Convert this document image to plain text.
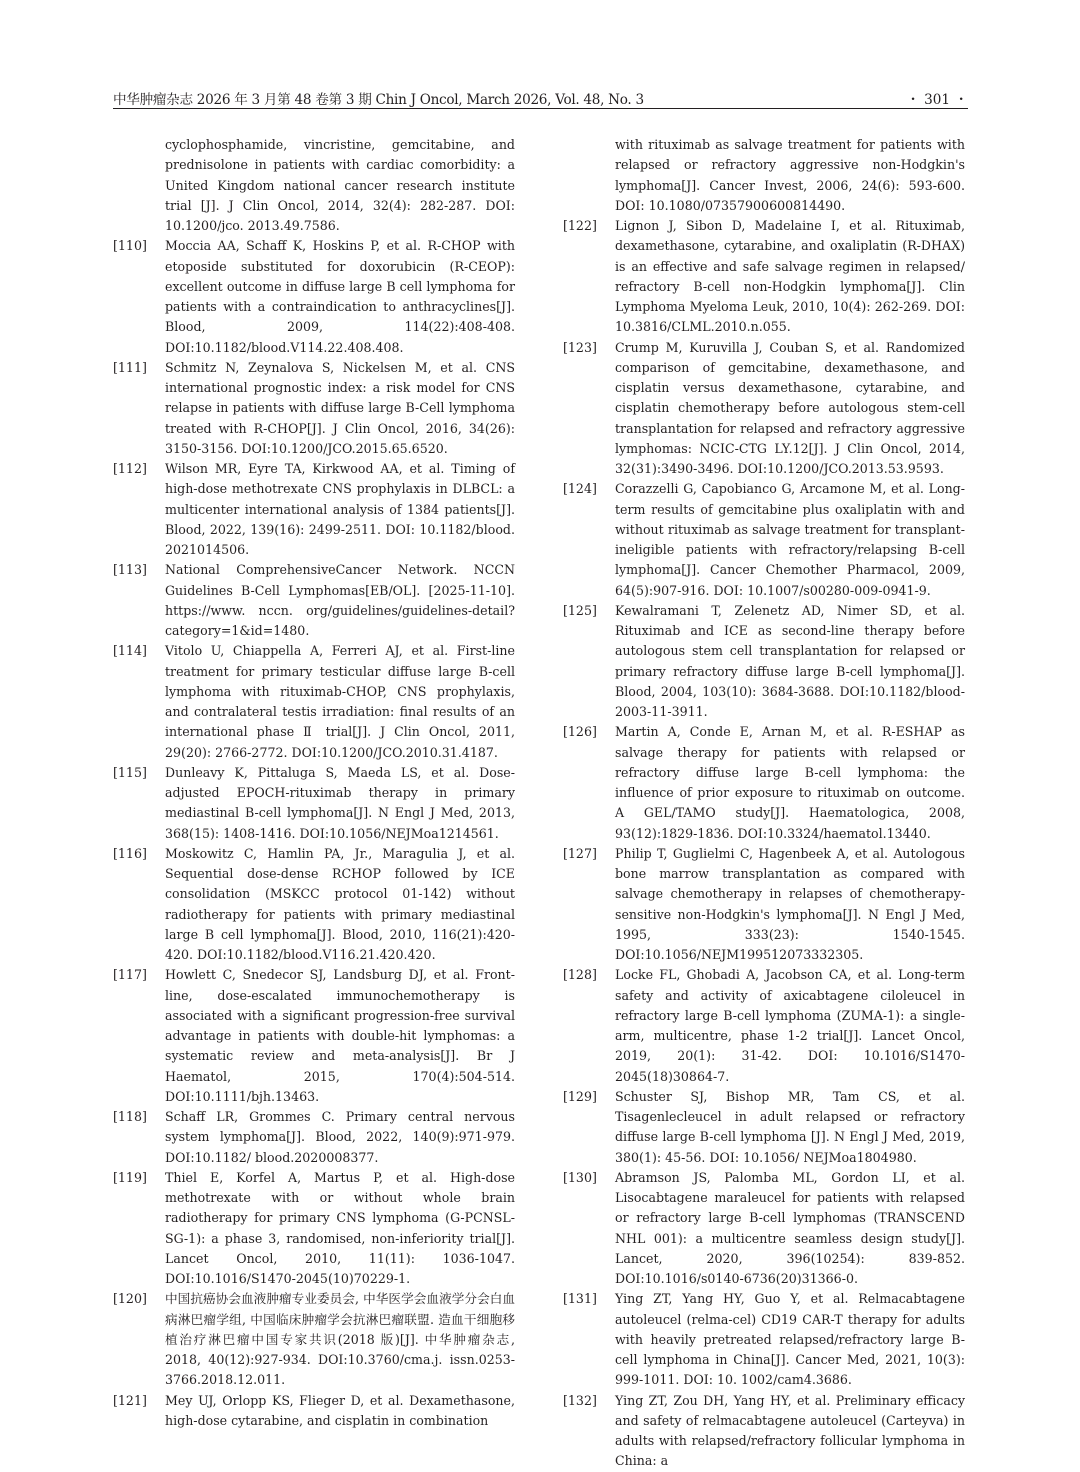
中华肿瘤杂志 2026 年 3 月第 48 卷第 3 期 Chin J Oncol, March 2026, Vol. 48, No. 3	・ 301 ・
cyclophosphamide, vincristine, gemcitabine, and prednisolone in patients with cardiac comorbidity: a United Kingdom national cancer research institute trial [J]. J Clin Oncol, 2014, 32(4): 282-287. DOI: 10.1200/jco. 2013.49.7586.
[110] Moccia AA, Schaff K, Hoskins P, et al. R-CHOP with etoposide substituted for doxorubicin (R-CEOP): excellent outcome in diffuse large B cell lymphoma for patients with a contraindication to anthracyclines[J]. Blood, 2009, 114(22):408-408. DOI:10.1182/blood.V114.22.408.408.
[111] Schmitz N, Zeynalova S, Nickelsen M, et al. CNS international prognostic index: a risk model for CNS relapse in patients with diffuse large B-Cell lymphoma treated with R-CHOP[J]. J Clin Oncol, 2016, 34(26): 3150-3156. DOI:10.1200/JCO.2015.65.6520.
[112] Wilson MR, Eyre TA, Kirkwood AA, et al. Timing of high-dose methotrexate CNS prophylaxis in DLBCL: a multicenter international analysis of 1384 patients[J]. Blood, 2022, 139(16): 2499-2511. DOI: 10.1182/blood. 2021014506.
[113] National ComprehensiveCancer Network. NCCN Guidelines B-Cell Lymphomas[EB/OL]. [2025-11-10]. https://www. nccn. org/guidelines/guidelines-detail? category=1&id=1480.
[114] Vitolo U, Chiappella A, Ferreri AJ, et al. First-line treatment for primary testicular diffuse large B-cell lymphoma with rituximab-CHOP, CNS prophylaxis, and contralateral testis irradiation: final results of an international phase Ⅱ trial[J]. J Clin Oncol, 2011, 29(20): 2766-2772. DOI:10.1200/JCO.2010.31.4187.
[115] Dunleavy K, Pittaluga S, Maeda LS, et al. Dose-adjusted EPOCH-rituximab therapy in primary mediastinal B-cell lymphoma[J]. N Engl J Med, 2013, 368(15): 1408-1416. DOI:10.1056/NEJMoa1214561.
[116] Moskowitz C, Hamlin PA, Jr., Maragulia J, et al. Sequential dose-dense RCHOP followed by ICE consolidation (MSKCC protocol 01-142) without radiotherapy for patients with primary mediastinal large B cell lymphoma[J]. Blood, 2010, 116(21):420-420. DOI:10.1182/blood.V116.21.420.420.
[117] Howlett C, Snedecor SJ, Landsburg DJ, et al. Front-line, dose-escalated immunochemotherapy is associated with a significant progression-free survival advantage in patients with double-hit lymphomas: a systematic review and meta-analysis[J]. Br J Haematol, 2015, 170(4):504-514. DOI:10.1111/bjh.13463.
[118] Schaff LR, Grommes C. Primary central nervous system lymphoma[J]. Blood, 2022, 140(9):971-979. DOI:10.1182/ blood.2020008377.
[119] Thiel E, Korfel A, Martus P, et al. High-dose methotrexate with or without whole brain radiotherapy for primary CNS lymphoma (G-PCNSL-SG-1): a phase 3, randomised, non-inferiority trial[J]. Lancet Oncol, 2010, 11(11): 1036-1047. DOI:10.1016/S1470-2045(10)70229-1.
[120] 中国抗癌协会血液肿瘤专业委员会, 中华医学会血液学分会白血病淋巴瘤学组, 中国临床肿瘤学会抗淋巴瘤联盟. 造血干细胞移植治疗淋巴瘤中国专家共识(2018 版)[J]. 中华肿瘤杂志, 2018, 40(12):927-934. DOI:10.3760/cma.j. issn.0253-3766.2018.12.011.
[121] Mey UJ, Orlopp KS, Flieger D, et al. Dexamethasone, high-dose cytarabine, and cisplatin in combination
with rituximab as salvage treatment for patients with relapsed or refractory aggressive non-Hodgkin's lymphoma[J]. Cancer Invest, 2006, 24(6): 593-600. DOI: 10.1080/07357900600814490.
[122] Lignon J, Sibon D, Madelaine I, et al. Rituximab, dexamethasone, cytarabine, and oxaliplatin (R-DHAX) is an effective and safe salvage regimen in relapsed/ refractory B-cell non-Hodgkin lymphoma[J]. Clin Lymphoma Myeloma Leuk, 2010, 10(4): 262-269. DOI: 10.3816/CLML.2010.n.055.
[123] Crump M, Kuruvilla J, Couban S, et al. Randomized comparison of gemcitabine, dexamethasone, and cisplatin versus dexamethasone, cytarabine, and cisplatin chemotherapy before autologous stem-cell transplantation for relapsed and refractory aggressive lymphomas: NCIC-CTG LY.12[J]. J Clin Oncol, 2014, 32(31):3490-3496. DOI:10.1200/JCO.2013.53.9593.
[124] Corazzelli G, Capobianco G, Arcamone M, et al. Long-term results of gemcitabine plus oxaliplatin with and without rituximab as salvage treatment for transplant-ineligible patients with refractory/relapsing B-cell lymphoma[J]. Cancer Chemother Pharmacol, 2009, 64(5):907-916. DOI: 10.1007/s00280-009-0941-9.
[125] Kewalramani T, Zelenetz AD, Nimer SD, et al. Rituximab and ICE as second-line therapy before autologous stem cell transplantation for relapsed or primary refractory diffuse large B-cell lymphoma[J]. Blood, 2004, 103(10): 3684-3688. DOI:10.1182/blood-2003-11-3911.
[126] Martin A, Conde E, Arnan M, et al. R-ESHAP as salvage therapy for patients with relapsed or refractory diffuse large B-cell lymphoma: the influence of prior exposure to rituximab on outcome. A GEL/TAMO study[J]. Haematologica, 2008, 93(12):1829-1836. DOI:10.3324/haematol.13440.
[127] Philip T, Guglielmi C, Hagenbeek A, et al. Autologous bone marrow transplantation as compared with salvage chemotherapy in relapses of chemotherapy-sensitive non-Hodgkin's lymphoma[J]. N Engl J Med, 1995, 333(23): 1540-1545. DOI:10.1056/NEJM199512073332305.
[128] Locke FL, Ghobadi A, Jacobson CA, et al. Long-term safety and activity of axicabtagene ciloleucel in refractory large B-cell lymphoma (ZUMA-1): a single-arm, multicentre, phase 1-2 trial[J]. Lancet Oncol, 2019, 20(1): 31-42. DOI: 10.1016/S1470-2045(18)30864-7.
[129] Schuster SJ, Bishop MR, Tam CS, et al. Tisagenlecleucel in adult relapsed or refractory diffuse large B-cell lymphoma [J]. N Engl J Med, 2019, 380(1): 45-56. DOI: 10.1056/ NEJMoa1804980.
[130] Abramson JS, Palomba ML, Gordon LI, et al. Lisocabtagene maraleucel for patients with relapsed or refractory large B-cell lymphomas (TRANSCEND NHL 001): a multicentre seamless design study[J]. Lancet, 2020, 396(10254): 839-852. DOI:10.1016/s0140-6736(20)31366-0.
[131] Ying ZT, Yang HY, Guo Y, et al. Relmacabtagene autoleucel (relma-cel) CD19 CAR-T therapy for adults with heavily pretreated relapsed/refractory large B-cell lymphoma in China[J]. Cancer Med, 2021, 10(3): 999-1011. DOI: 10. 1002/cam4.3686.
[132] Ying ZT, Zou DH, Yang HY, et al. Preliminary efficacy and safety of relmacabtagene autoleucel (Carteyva) in adults with relapsed/refractory follicular lymphoma in China: a
